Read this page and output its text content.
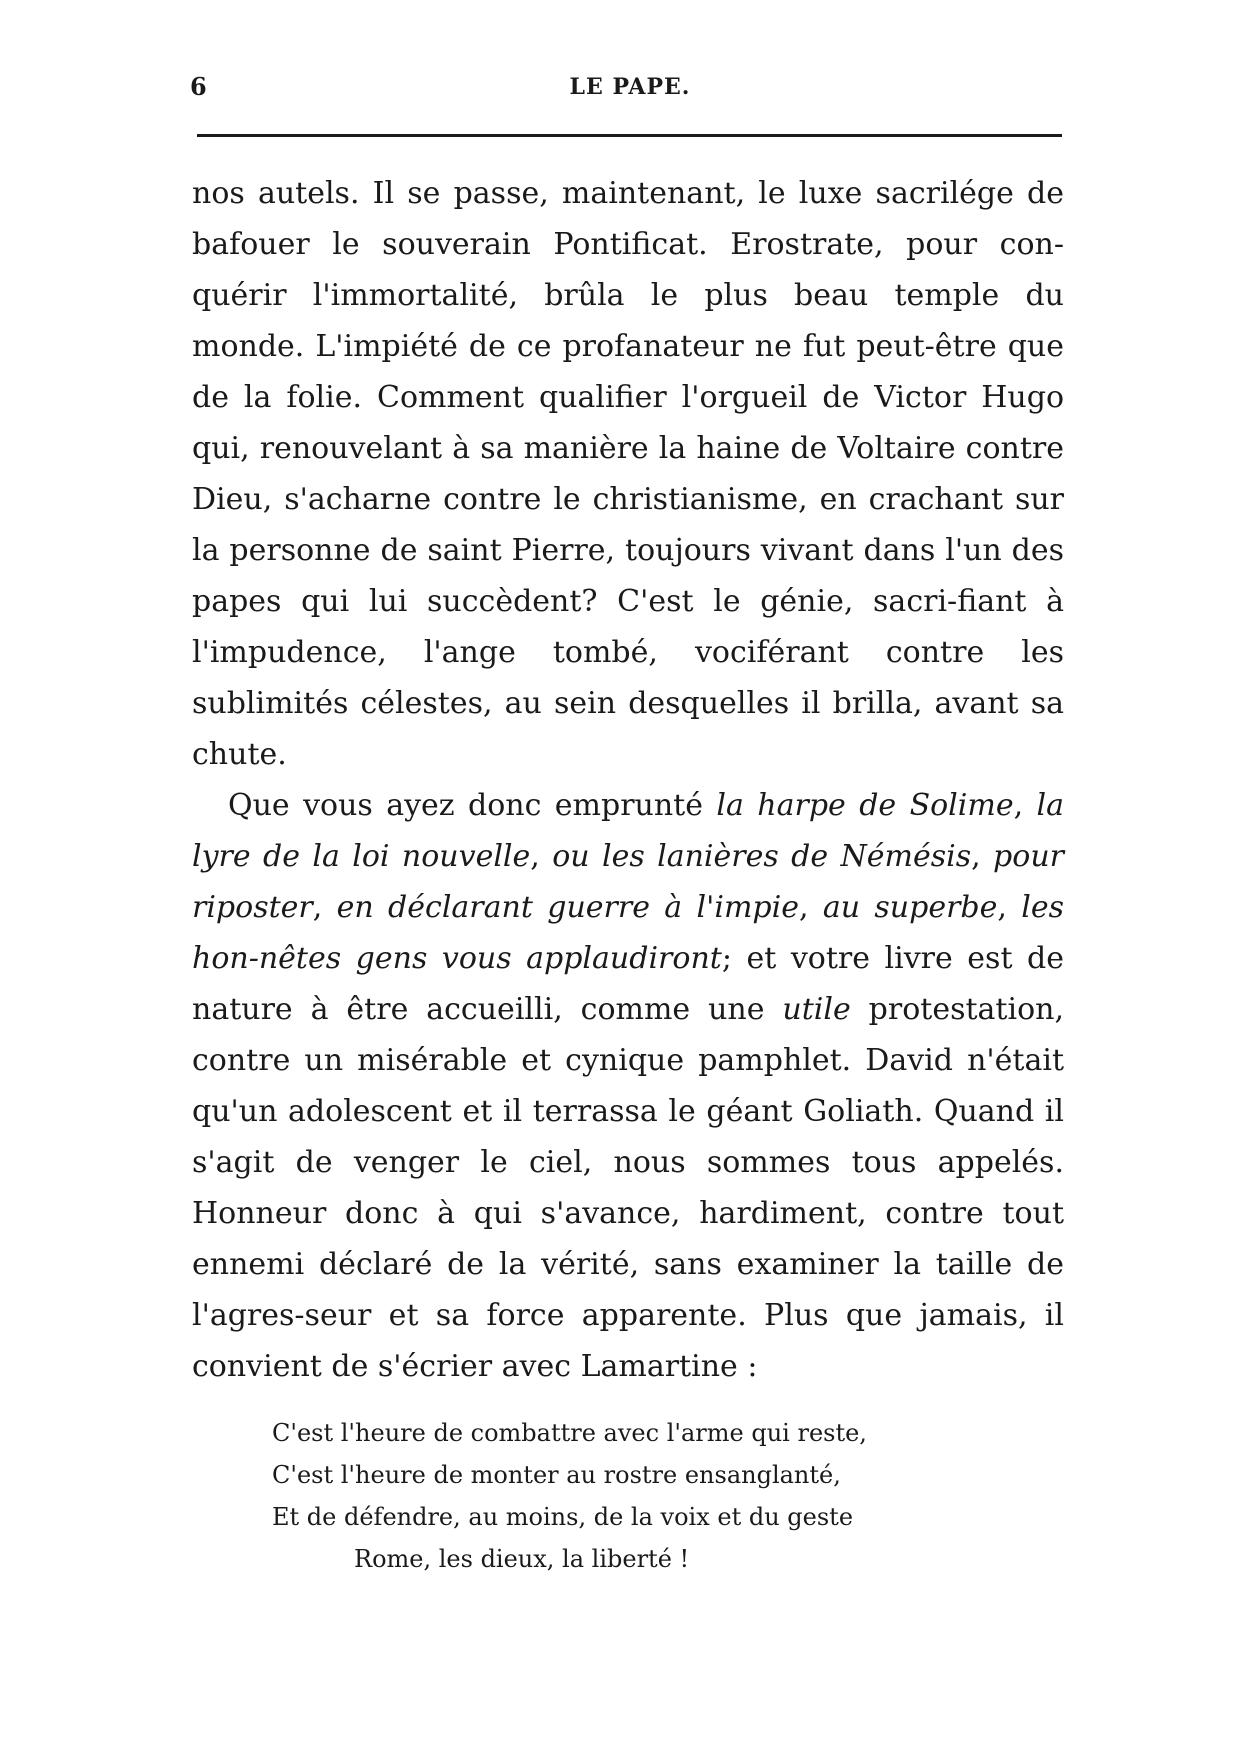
6	LE PAPE.

nos autels. Il se passe, maintenant, le luxe sacrilége de bafouer le souverain Pontificat. Erostrate, pour con-quérir l'immortalité, brûla le plus beau temple du monde. L'impiété de ce profanateur ne fut peut-être que de la folie. Comment qualifier l'orgueil de Victor Hugo qui, renouvelant à sa manière la haine de Voltaire contre Dieu, s'acharne contre le christianisme, en crachant sur la personne de saint Pierre, toujours vivant dans l'un des papes qui lui succèdent? C'est le génie, sacri-fiant à l'impudence, l'ange tombé, vociférant contre les sublimités célestes, au sein desquelles il brilla, avant sa chute.

Que vous ayez donc emprunté la harpe de Solime, la lyre de la loi nouvelle, ou les lanières de Némésis, pour riposter, en déclarant guerre à l'impie, au superbe, les hon-nêtes gens vous applaudiront; et votre livre est de nature à être accueilli, comme une utile protestation, contre un misérable et cynique pamphlet. David n'était qu'un adolescent et il terrassa le géant Goliath. Quand il s'agit de venger le ciel, nous sommes tous appelés. Honneur donc à qui s'avance, hardiment, contre tout ennemi déclaré de la vérité, sans examiner la taille de l'agres-seur et sa force apparente. Plus que jamais, il convient de s'écrier avec Lamartine :

C'est l'heure de combattre avec l'arme qui reste,
C'est l'heure de monter au rostre ensanglanté,
Et de défendre, au moins, de la voix et du geste
Rome, les dieux, la liberté !
